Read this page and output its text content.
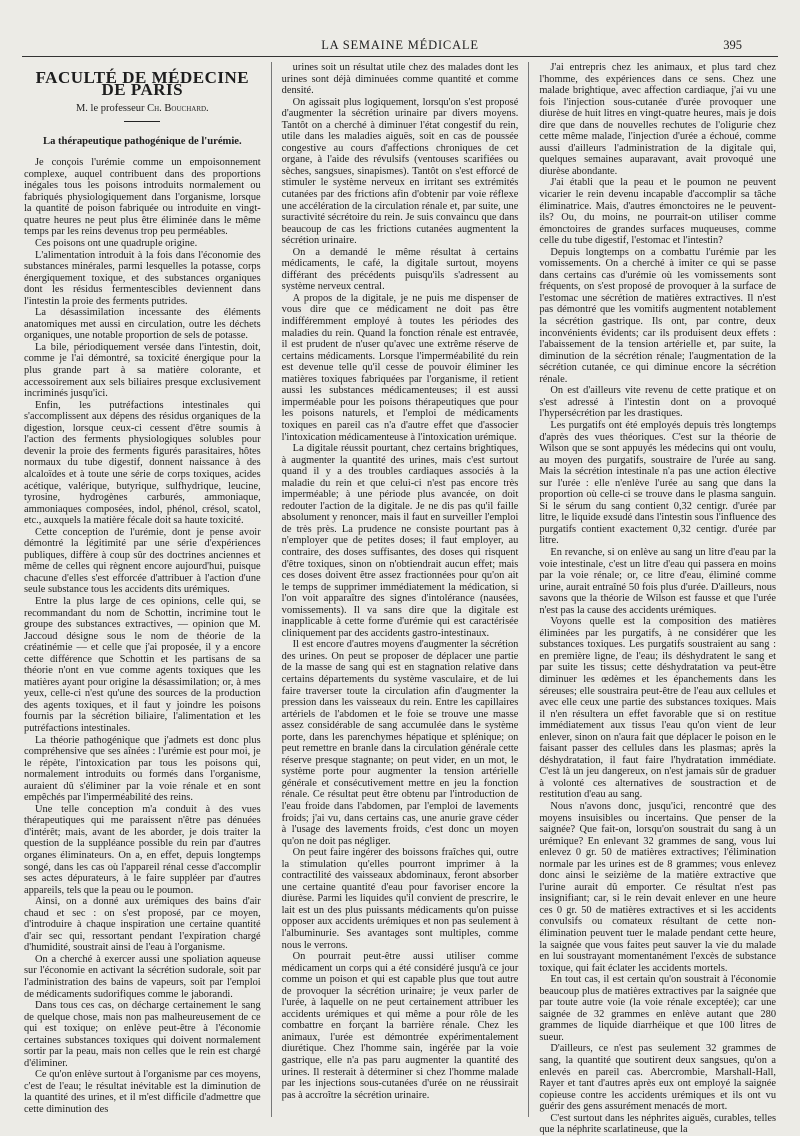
LA SEMAINE MÉDICALE	395
FACULTÉ DE MÉDECINE DE PARIS
M. le professeur Ch. Bouchard.
La thérapeutique pathogénique de l'urémie.

Je conçois l'urémie comme un empoisonnement complexe, auquel contribuent dans des proportions inégales tous les poisons introduits normalement ou fabriqués physiologiquement dans l'organisme, lorsque la quantité de poison fabriquée ou introduite en vingt-quatre heures ne peut plus être éliminée dans le même temps par les reins devenus trop peu perméables.

Ces poisons ont une quadruple origine.

L'alimentation introduit à la fois dans l'économie des substances minérales, parmi lesquelles la potasse, corps énergiquement toxique, et des substances organiques dont les résidus fermentescibles deviennent dans l'intestin la proie des ferments putrides.

La désassimilation incessante des éléments anatomiques met aussi en circulation, outre les déchets organiques, une notable proportion de sels de potasse.

La bile, périodiquement versée dans l'intestin, doit, comme je l'ai démontré, sa toxicité énergique pour la plus grande part à sa matière colorante, et accessoirement aux sels biliaires presque exclusivement incriminés jusqu'ici.

Enfin, les putréfactions intestinales qui s'accomplissent aux dépens des résidus organiques de la digestion, lorsque ceux-ci cessent d'être soumis à l'action des ferments physiologiques solubles pour devenir la proie des ferments figurés parasitaires, hôtes normaux du tube digestif, donnent naissance à des alcaloïdes et à toute une série de corps toxiques, acides acétique, valérique, butyrique, sulfhydrique, leucine, tyrosine, hydrogènes carburés, ammoniaque, ammoniaques composées, indol, phénol, crésol, scatol, etc., auxquels la matière fécale doit sa haute toxicité.

Cette conception de l'urémie, dont je pense avoir démontré la légitimité par une série d'expériences publiques, diffère à coup sûr des doctrines anciennes et même de celles qui règnent encore aujourd'hui, puisque chacune d'elles s'est efforcée d'attribuer à l'action d'une seule substance tous les accidents dits urémiques.

Entre la plus large de ces opinions, celle qui, se recommandant du nom de Schottin, incrimine tout le groupe des substances extractives, — opinion que M. Jaccoud désigne sous le nom de théorie de la créatinémie — et celle que j'ai proposée, il y a encore cette différence que Schottin et les partisans de sa théorie n'ont en vue comme agents toxiques que les matières ayant pour origine la désassimilation; or, à mes yeux, celle-ci n'est qu'une des sources de la production des agents toxiques, et il faut y joindre les poisons fournis par la sécrétion biliaire, l'alimentation et les putréfactions intestinales.

La théorie pathogénique que j'admets est donc plus compréhensive que ses aînées : l'urémie est pour moi, je le répète, l'intoxication par tous les poisons qui, normalement introduits ou formés dans l'organisme, auraient dû s'éliminer par la voie rénale et en sont empêchés par l'imperméabilité des reins.

Une telle conception m'a conduit à des vues thérapeutiques qui me paraissent n'être pas dénuées d'intérêt; mais, avant de les aborder, je dois traiter la question de la suppléance possible du rein par d'autres organes éliminateurs. On a, en effet, depuis longtemps songé, dans les cas où l'appareil rénal cesse d'accomplir ses actes dépurateurs, à le faire suppléer par d'autres appareils, tels que la peau ou le poumon.

Ainsi, on a donné aux urémiques des bains d'air chaud et sec : on s'est proposé, par ce moyen, d'introduire à chaque inspiration une certaine quantité d'air sec qui, ressortant pendant l'expiration chargé d'humidité, soustrait ainsi de l'eau à l'organisme.

On a cherché à exercer aussi une spoliation aqueuse sur l'économie en activant la sécrétion sudorale, soit par l'administration des bains de vapeurs, soit par l'emploi de médicaments sudorifiques comme le jaborandi.

Dans tous ces cas, on décharge certainement le sang de quelque chose, mais non pas malheureusement de ce qui est toxique; on enlève peut-être à l'économie certaines substances toxiques qui doivent normalement sortir par la peau, mais non celles que le rein est chargé d'éliminer.

Ce qu'on enlève surtout à l'organisme par ces moyens, c'est de l'eau; le résultat inévitable est la diminution de la quantité des urines, et il m'est difficile d'admettre que cette diminution des

urines soit un résultat utile chez des malades dont les urines sont déjà diminuées comme quantité et comme densité.

On agissait plus logiquement, lorsqu'on s'est proposé d'augmenter la sécrétion urinaire par divers moyens. Tantôt on a cherché à diminuer l'état congestif du rein, utile dans les maladies aiguës, soit en cas de poussée congestive au cours d'affections chroniques de cet organe, à l'aide des révulsifs (ventouses scarifiées ou sèches, sangsues, sinapismes). Tantôt on s'est efforcé de stimuler le système nerveux en irritant ses extrémités cutanées par des frictions afin d'obtenir par voie réflexe une accélération de la circulation rénale et, par suite, une suractivité sécrétoire du rein. Je suis convaincu que dans beaucoup de cas les frictions cutanées augmentent la sécrétion urinaire.

On a demandé le même résultat à certains médicaments, le café, la digitale surtout, moyens différant des précédents puisqu'ils s'adressent au système nerveux central.

A propos de la digitale, je ne puis me dispenser de vous dire que ce médicament ne doit pas être indifféremment employé à toutes les périodes des maladies du rein. Quand la fonction rénale est entravée, il est prudent de n'user qu'avec une extrême réserve de certains médicaments. Lorsque l'imperméabilité du rein est devenue telle qu'il cesse de pouvoir éliminer les matières toxiques fabriquées par l'organisme, il retient aussi les substances médicamenteuses; il est aussi imperméable pour les poisons thérapeutiques que pour les poisons naturels, et l'emploi de médicaments toxiques en pareil cas n'a d'autre effet que d'associer l'intoxication médicamenteuse à l'intoxication urémique.

La digitale réussit pourtant, chez certains brightiques, à augmenter la quantité des urines, mais c'est surtout quand il y a des troubles cardiaques associés à la maladie du rein et que celui-ci n'est pas encore très imperméable; à une période plus avancée, on doit redouter l'action de la digitale. Je ne dis pas qu'il faille absolument y renoncer, mais il faut en surveiller l'emploi de très près. La prudence ne consiste pourtant pas à n'employer que de petites doses; il faut employer, au contraire, des doses suffisantes, des doses qui risquent d'être toxiques, sinon on n'obtiendrait aucun effet; mais ces doses doivent être assez fractionnées pour qu'on ait le temps de supprimer immédiatement la médication, si l'on voit apparaître des signes d'intolérance (nausées, vomissements). Il va sans dire que la digitale est inapplicable à cette forme d'urémie qui est caractérisée cliniquement par des accidents gastro-intestinaux.

Il est encore d'autres moyens d'augmenter la sécrétion des urines. On peut se proposer de déplacer une partie de la masse de sang qui est en stagnation relative dans certains départements du système vasculaire, et de lui faire traverser toute la circulation afin d'augmenter la pression dans les vaisseaux du rein. Entre les capillaires artériels de l'abdomen et le foie se trouve une masse assez considérable de sang accumulée dans le système porte, dans les parenchymes hépatique et splénique; on peut remettre en branle dans la circulation générale cette réserve presque stagnante; on peut vider, en un mot, le système porte pour augmenter la tension artérielle générale et consécutivement mettre en jeu la fonction rénale. Ce résultat peut être obtenu par l'introduction de l'eau froide dans l'abdomen, par l'emploi de lavements froids; j'ai vu, dans certains cas, une anurie grave céder à l'usage des lavements froids, c'est donc un moyen qu'on ne doit pas négliger.

On peut faire ingérer des boissons fraîches qui, outre la stimulation qu'elles pourront imprimer à la contractilité des vaisseaux abdominaux, feront absorber une certaine quantité d'eau pour favoriser encore la diurèse. Parmi les liquides qu'il convient de prescrire, le lait est un des plus puissants médicaments qu'on puisse opposer aux accidents urémiques et non pas seulement à l'albuminurie. Ses avantages sont multiples, comme nous le verrons.

On pourrait peut-être aussi utiliser comme médicament un corps qui a été considéré jusqu'à ce jour comme un poison et qui est capable plus que tout autre de provoquer la sécrétion urinaire; je veux parler de l'urée, à laquelle on ne peut certainement attribuer les accidents urémiques et qui même a pour rôle de les combattre en forçant la barrière rénale. Chez les animaux, l'urée est démontrée expérimentalement diurétique. Chez l'homme sain, ingérée par la voie gastrique, elle n'a pas paru augmenter la quantité des urines. Il resterait à déterminer si chez l'homme malade par les injections sous-cutanées d'urée on ne réussirait pas à accroître la sécrétion urinaire.

J'ai entrepris chez les animaux, et plus tard chez l'homme, des expériences dans ce sens. Chez une malade brightique, avec affection cardiaque, j'ai vu une fois l'injection sous-cutanée d'urée provoquer une diurèse de huit litres en vingt-quatre heures, mais je dois dire que dans de nouvelles rechutes de l'oligurie chez cette même malade, l'injection d'urée a échoué, comme aussi d'ailleurs l'administration de la digitale qui, quelques semaines auparavant, avait provoqué une diurèse abondante.

J'ai établi que la peau et le poumon ne peuvent vicarier le rein devenu incapable d'accomplir sa tâche éliminatrice. Mais, d'autres émonctoires ne le peuvent-ils? Ou, du moins, ne pourrait-on utiliser comme émonctoires de grandes surfaces muqueuses, comme celle du tube digestif, l'estomac et l'intestin?

Depuis longtemps on a combattu l'urémie par les vomissements. On a cherché à imiter ce qui se passe dans certains cas d'urémie où les vomissements sont fréquents, on s'est proposé de provoquer à la surface de l'estomac une sécrétion de matières extractives. Il n'est pas démontré que les vomitifs augmentent notablement la sécrétion gastrique. Ils ont, par contre, deux inconvénients évidents; car ils produisent deux effets : l'abaissement de la tension artérielle et, par suite, la diminution de la sécrétion rénale; l'augmentation de la sécrétion cutanée, ce qui diminue encore la sécrétion rénale.

On est d'ailleurs vite revenu de cette pratique et on s'est adressé à l'intestin dont on a provoqué l'hypersécrétion par les drastiques.

Les purgatifs ont été employés depuis très longtemps d'après des vues théoriques. C'est sur la théorie de Wilson que se sont appuyés les médecins qui ont voulu, au moyen des purgatifs, soustraire de l'urée au sang. Mais la sécrétion intestinale n'a pas une action élective sur l'urée : elle n'enlève l'urée au sang que dans la proportion où celle-ci se trouve dans le plasma sanguin. Si le sérum du sang contient 0,32 centigr. d'urée par litre, le liquide exsudé dans l'intestin sous l'influence des purgatifs contient exactement 0,32 centigr. d'urée par litre.

En revanche, si on enlève au sang un litre d'eau par la voie intestinale, c'est un litre d'eau qui passera en moins par la voie rénale; or, ce litre d'eau, éliminé comme urine, aurait entraîné 50 fois plus d'urée. D'ailleurs, nous savons que la théorie de Wilson est fausse et que l'urée n'est pas la cause des accidents urémiques.

Voyons quelle est la composition des matières éliminées par les purgatifs, à ne considérer que les substances toxiques. Les purgatifs soustraient au sang : en première ligne, de l'eau; ils déshydratent le sang et par suite les tissus; cette déshydratation va peut-être diminuer les œdèmes et les épanchements dans les séreuses; elle soustraira peut-être de l'eau aux cellules et avec elle ceux une partie des substances toxiques. Mais il n'en résultera un effet favorable que si on restitue immédiatement aux tissus l'eau qu'on vient de leur enlever, sinon on n'aura fait que déplacer le poison en le faisant passer des cellules dans les plasmas; après la déshydratation, il faut faire l'hydratation immédiate. C'est là un jeu dangereux, on n'est jamais sûr de graduer à volonté ces alternatives de soustraction et de restitution d'eau au sang.

Nous n'avons donc, jusqu'ici, rencontré que des moyens insuisibles ou incertains. Que penser de la saignée? Que fait-on, lorsqu'on soustrait du sang à un urémique? En enlevant 32 grammes de sang, vous lui enlevez 0 gr. 50 de matières extractives; l'élimination normale par les urines est de 8 grammes; vous enlevez donc ainsi le seizième de la matière extractive que l'urine aurait dû emporter. Ce résultat n'est pas insignifiant; car, si le rein devait enlever en une heure ces 0 gr. 50 de matières extractives et si les accidents convulsifs ou comateux résultant de cette non-élimination peuvent tuer le malade pendant cette heure, la saignée que vous faites peut sauver la vie du malade en lui soustrayant momentanément l'excès de substance toxique, qui fait éclater les accidents mortels.

En tout cas, il est certain qu'on soustrait à l'économie beaucoup plus de matières extractives par la saignée que par toute autre voie (la voie rénale exceptée); car une saignée de 32 grammes en enlève autant que 280 grammes de liquide diarrhéique et que 100 litres de sueur.

D'ailleurs, ce n'est pas seulement 32 grammes de sang, la quantité que soutirent deux sangsues, qu'on a enlevés en pareil cas. Abercrombie, Marshall-Hall, Rayer et tant d'autres après eux ont employé la saignée copieuse contre les accidents urémiques et ils ont vu guérir des gens assurément menacés de mort.

C'est surtout dans les néphrites aiguës, curables, telles que la néphrite scarlatineuse, que la
